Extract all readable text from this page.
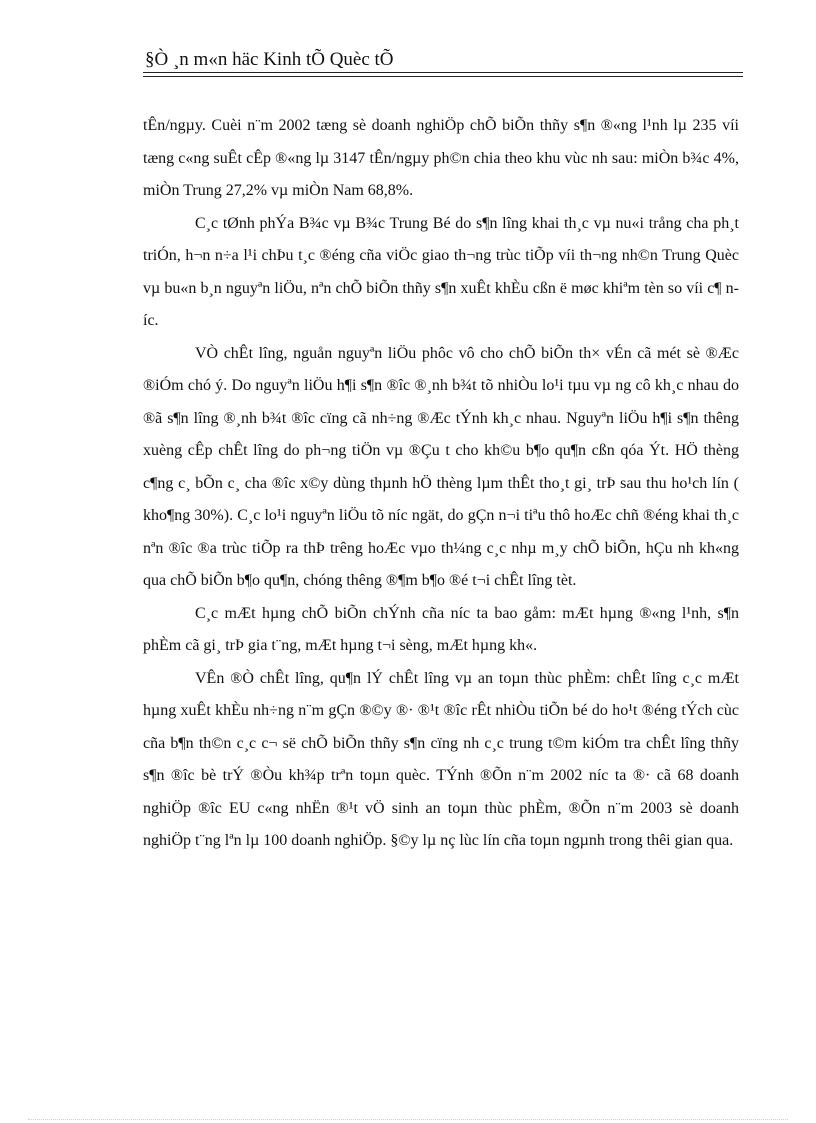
§Ò ¸n m«n häc Kinh tÕ Quèc tÕ

tÊn/ngµy. Cuèi n¨m 2002 tæng sè doanh nghiÖp chÕ biÕn thñy s¶n ®«ng l¹nh lµ 235 víi tæng c«ng suÊt cÊp ®«ng lµ 3147 tÊn/ngµy ph©n chia theo khu vùc nh sau: miÒn b¾c 4%, miÒn Trung 27,2% vµ miÒn Nam 68,8%.

C¸c tØnh phÝa B¾c vµ B¾c Trung Bé do s¶n lîng khai th¸c vµ nu«i trång cha ph¸t triÓn, h¬n n÷a l¹i chÞu t¸c ®éng cña viÖc giao th¬ng trùc tiÕp víi th¬ng nh©n Trung Quèc vµ bu«n b¸n nguyªn liÖu, nªn chÕ biÕn thñy s¶n xuÊt khÈu cßn ë møc khiªm tèn so víi c¶ níc.

VÒ chÊt lîng, nguån nguyªn liÖu phôc vô cho chÕ biÕn th× vÉn cã mét sè ®Æc ®iÓm chó ý. Do nguyªn liÖu h¶i s¶n ®îc ®¸nh b¾t tõ nhiÒu lo¹i tµu vµ ng cô kh¸c nhau do ®ã s¶n lîng ®¸nh b¾t ®îc cïng cã nh÷ng ®Æc tÝnh kh¸c nhau. Nguyªn liÖu h¶i s¶n thêng xuèng cÊp chÊt lîng do ph¬ng tiÖn vµ ®Çu t cho kh©u b¶o qu¶n cßn qóa Ýt. HÖ thèng c¶ng c¸ bÕn c¸ cha ®îc x©y dùng thµnh hÖ thèng lµm thÊt tho¸t gi¸ trÞ sau thu ho¹ch lín ( kho¶ng 30%). C¸c lo¹i nguyªn liÖu tõ níc ngät, do gÇn n¬i tiªu thô hoÆc chñ ®éng khai th¸c nªn ®îc ®a trùc tiÕp ra thÞ trêng hoÆc vµo th¼ng c¸c nhµ m¸y chÕ biÕn, hÇu nh kh«ng qua chÕ biÕn b¶o qu¶n, chóng thêng ®¶m b¶o ®é t¬i chÊt lîng tèt.

C¸c mÆt hµng chÕ biÕn chÝnh cña níc ta bao gåm: mÆt hµng ®«ng l¹nh, s¶n phÈm cã gi¸ trÞ gia t¨ng, mÆt hµng t¬i sèng, mÆt hµng kh«.

VÊn ®Ò chÊt lîng, qu¶n lÝ chÊt lîng vµ an toµn thùc phÈm: chÊt lîng c¸c mÆt hµng xuÊt khÈu nh÷ng n¨m gÇn ®©y ®· ®¹t ®îc rÊt nhiÒu tiÕn bé do ho¹t ®éng tÝch cùc cña b¶n th©n c¸c c¬ së chÕ biÕn thñy s¶n cïng nh c¸c trung t©m kiÓm tra chÊt lîng thñy s¶n ®îc bè trÝ ®Òu kh¾p trªn toµn quèc. TÝnh ®Õn n¨m 2002 níc ta ®· cã 68 doanh nghiÖp ®îc EU c«ng nhËn ®¹t vÖ sinh an toµn thùc phÈm, ®Õn n¨m 2003 sè doanh nghiÖp t¨ng lªn lµ 100 doanh nghiÖp. §©y lµ nç lùc lín cña toµn ngµnh trong thêi gian qua.
